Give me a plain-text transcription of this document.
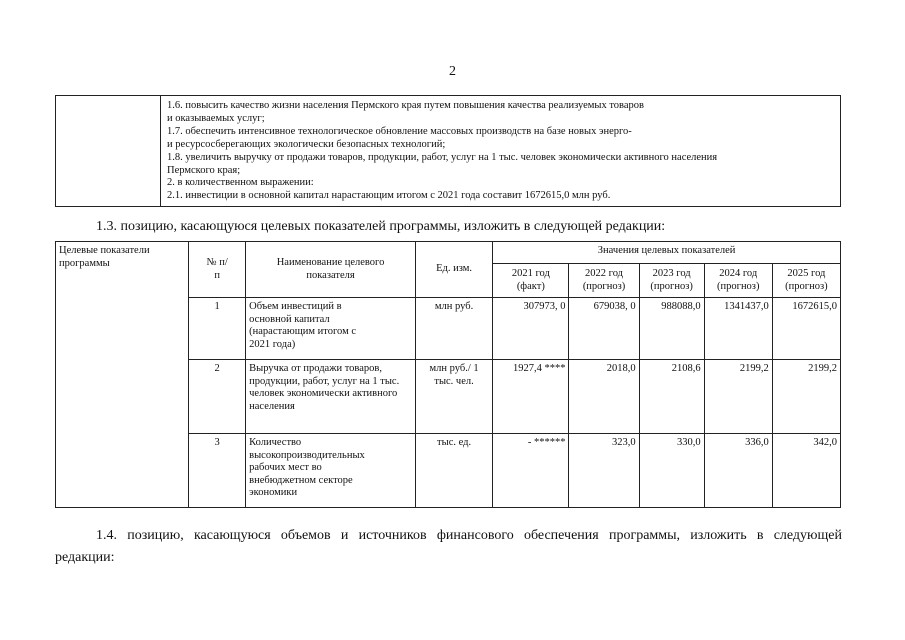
2

1.6. повысить качество жизни населения Пермского края путем повышения качества реализуемых товаров
и оказываемых услуг;
1.7. обеспечить интенсивное технологическое обновление массовых производств на базе новых энерго-
и ресурсосберегающих экологически безопасных технологий;
1.8. увеличить выручку от продажи товаров, продукции, работ, услуг на 1 тыс. человек экономически активного населения
Пермского края;
2. в количественном выражении:
2.1. инвестиции в основной капитал нарастающим итогом с 2021 года составит 1672615,0 млн руб.
1.3. позицию, касающуюся целевых показателей программы, изложить в следующей редакции:
Целевые показатели программы	№ п/п	Наименование целевого показателя	Ед. изм.	Значения целевых показателей				

				2021 год (факт)	2022 год (прогноз)	2023 год (прогноз)	2024 год (прогноз)	2025 год (прогноз)

	1	Объем инвестиций в основной капитал (нарастающим итогом с 2021 года)	млн руб.	307973, 0	679038, 0	988088,0	1341437,0	1672615,0
	2	Выручка от продажи товаров, продукции, работ, услуг на 1 тыс. человек экономически активного населения	млн руб./ 1 тыс. чел.	1927,4 ****	2018,0	2108,6	2199,2	2199,2
	3	Количество высокопроизводительных рабочих мест во внебюджетном секторе экономики	тыс. ед.	- ******	323,0	330,0	336,0	342,0
1.4. позицию, касающуюся объемов и источников финансового обеспечения программы, изложить в следующей
редакции:
